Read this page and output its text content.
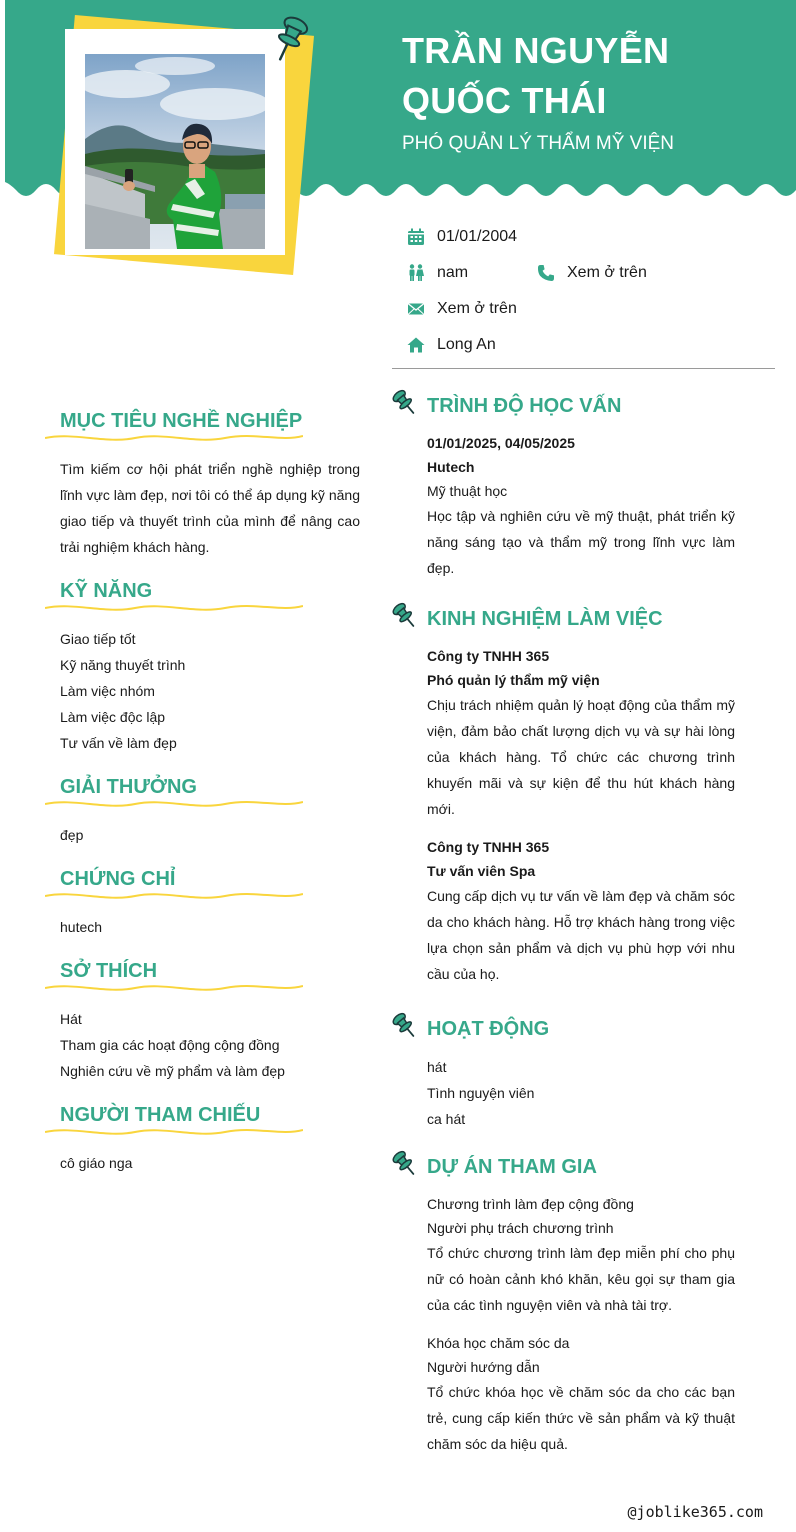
TRẦN NGUYỄN QUỐC THÁI
PHÓ QUẢN LÝ THẨM MỸ VIỆN
01/01/2004
nam	Xem ở trên
Xem ở trên
Long An
MỤC TIÊU NGHỀ NGHIỆP
Tìm kiếm cơ hội phát triển nghề nghiệp trong lĩnh vực làm đẹp, nơi tôi có thể áp dụng kỹ năng giao tiếp và thuyết trình của mình để nâng cao trải nghiệm khách hàng.
KỸ NĂNG
Giao tiếp tốt
Kỹ năng thuyết trình
Làm việc nhóm
Làm việc độc lập
Tư vấn về làm đẹp
GIẢI THƯỞNG
đẹp
CHỨNG CHỈ
hutech
SỞ THÍCH
Hát
Tham gia các hoạt động cộng đồng
Nghiên cứu về mỹ phẩm và làm đẹp
NGƯỜI THAM CHIẾU
cô giáo nga
TRÌNH ĐỘ HỌC VẤN
01/01/2025, 04/05/2025
Hutech
Mỹ thuật học
Học tập và nghiên cứu về mỹ thuật, phát triển kỹ năng sáng tạo và thẩm mỹ trong lĩnh vực làm đẹp.
KINH NGHIỆM LÀM VIỆC
Công ty TNHH 365
Phó quản lý thẩm mỹ viện
Chịu trách nhiệm quản lý hoạt động của thẩm mỹ viện, đảm bảo chất lượng dịch vụ và sự hài lòng của khách hàng. Tổ chức các chương trình khuyến mãi và sự kiện để thu hút khách hàng mới.
Công ty TNHH 365
Tư vấn viên Spa
Cung cấp dịch vụ tư vấn về làm đẹp và chăm sóc da cho khách hàng. Hỗ trợ khách hàng trong việc lựa chọn sản phẩm và dịch vụ phù hợp với nhu cầu của họ.
HOẠT ĐỘNG
hát
Tình nguyện viên
ca hát
DỰ ÁN THAM GIA
Chương trình làm đẹp cộng đồng
Người phụ trách chương trình
Tổ chức chương trình làm đẹp miễn phí cho phụ nữ có hoàn cảnh khó khăn, kêu gọi sự tham gia của các tình nguyện viên và nhà tài trợ.
Khóa học chăm sóc da
Người hướng dẫn
Tổ chức khóa học về chăm sóc da cho các bạn trẻ, cung cấp kiến thức về sản phẩm và kỹ thuật chăm sóc da hiệu quả.
@joblike365.com
